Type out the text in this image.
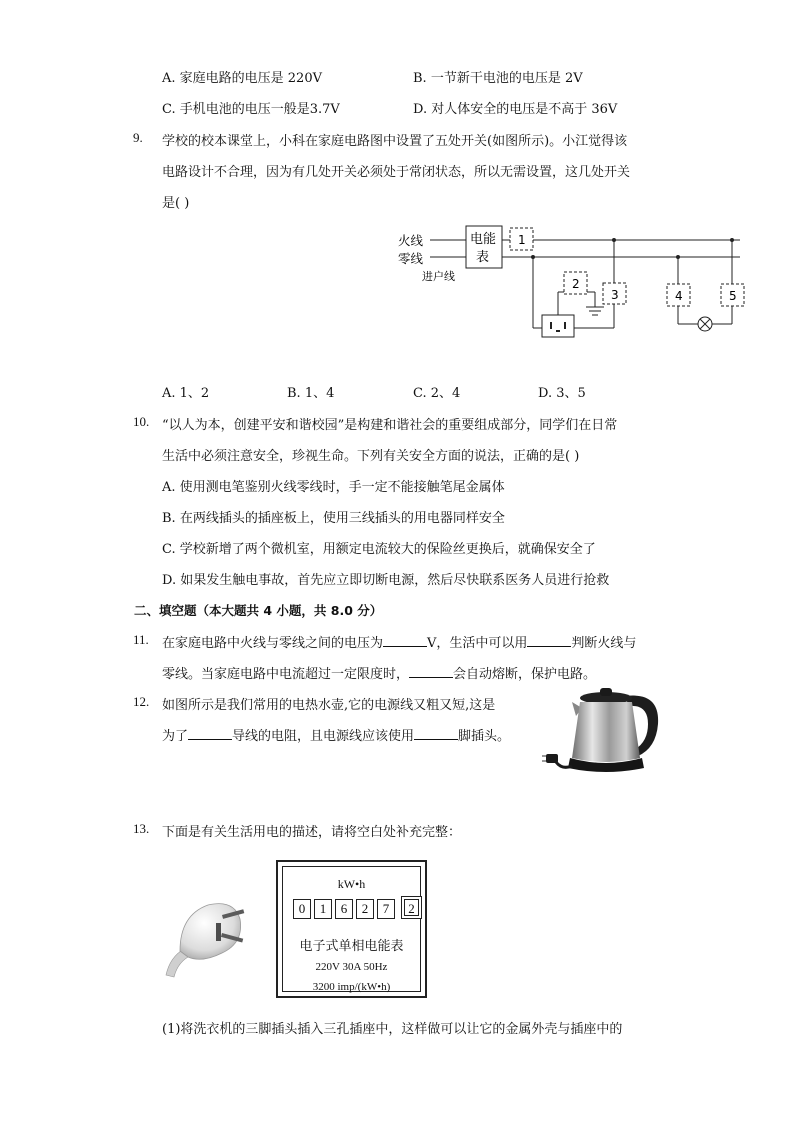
A. 家庭电路的电压是 220V	B. 一节新干电池的电压是 2V
C. 手机电池的电压一般是3.7V	D. 对人体安全的电压是不高于 36V
9. 学校的校本课堂上，小科在家庭电路图中设置了五处开关(如图所示)。小江觉得该
电路设计不合理，因为有几处开关必须处于常闭状态，所以无需设置，这几处开关
是( )
火线
零线
进户线
电能
表
1
2
3	4	5
A. 1、2	B. 1、4	C. 2、4	D. 3、5
10. “以人为本，创建平安和谐校园”是构建和谐社会的重要组成部分，同学们在日常
生活中必须注意安全，珍视生命。下列有关安全方面的说法，正确的是( )
A. 使用测电笔鉴别火线零线时，手一定不能接触笔尾金属体
B. 在两线插头的插座板上，使用三线插头的用电器同样安全
C. 学校新增了两个微机室，用额定电流较大的保险丝更换后，就确保安全了
D. 如果发生触电事故，首先应立即切断电源，然后尽快联系医务人员进行抢救
二、填空题（本大题共 4 小题，共 8.0 分）
11. 在家庭电路中火线与零线之间的电压为	V，生活中可以用	判断火线与
零线。当家庭电路中电流超过一定限度时，	会自动熔断，保护电路。
12. 如图所示是我们常用的电热水壶,它的电源线又粗又短,这是
为了	导线的电阻，且电源线应该使用	脚插头。
13. 下面是有关生活用电的描述，请将空白处补充完整：
kW•h
0	1	6	2	7	2
电子式单相电能表
220V 30A 50Hz
3200 imp/(kW•h)
(1)将洗衣机的三脚插头插入三孔插座中，这样做可以让它的金属外壳与插座中的
